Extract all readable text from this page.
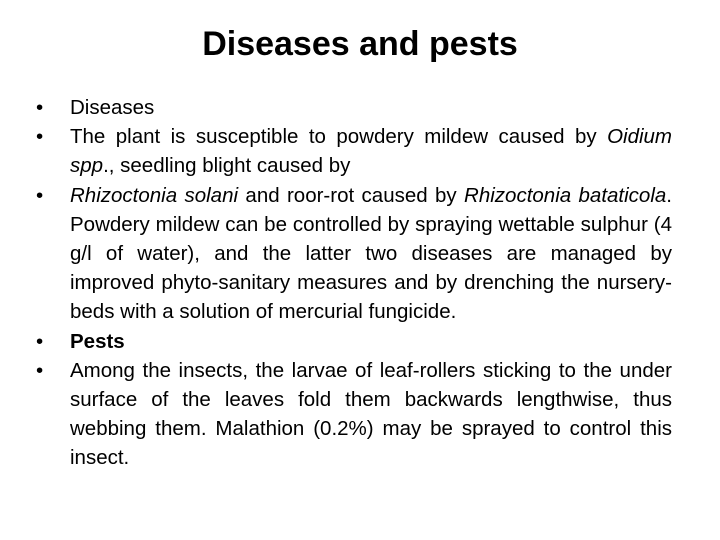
Diseases and pests
•	Diseases
•	The plant is susceptible to powdery mildew caused by Oidium spp., seedling blight caused by
•	Rhizoctonia solani and roor-rot caused by Rhizoctonia bataticola. Powdery mildew can be controlled by spraying wettable sulphur (4 g/l of water), and the latter two diseases are managed by improved phyto-sanitary measures and by drenching the nursery-beds with a solution of mercurial fungicide.
•	Pests
•	Among the insects, the larvae of leaf-rollers sticking to the under surface of the leaves fold them backwards lengthwise, thus webbing them. Malathion (0.2%) may be sprayed to control this insect.
